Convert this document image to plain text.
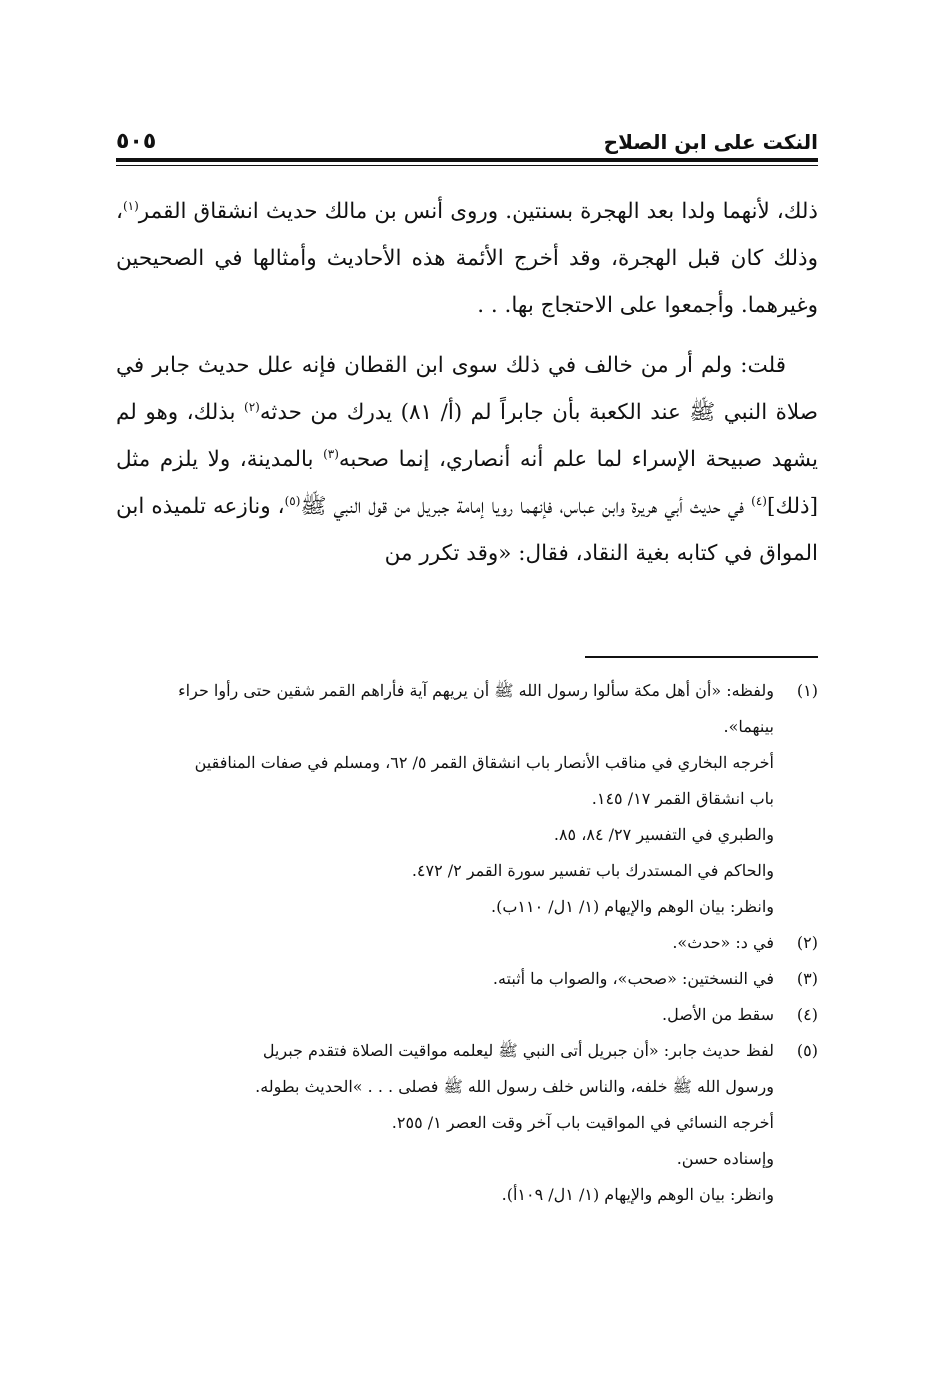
النكت على ابن الصلاح
٥٠٥

ذلك، لأنهما ولدا بعد الهجرة بسنتين. وروى أنس بن مالك حديث انشقاق القمر$^{(١)}$، وذلك كان قبل الهجرة، وقد أخرج الأئمة هذه الأحاديث وأمثالها في الصحيحين وغيرهما. وأجمعوا على الاحتجاج بها. . .

قلت: ولم أر من خالف في ذلك سوى ابن القطان فإنه علل حديث جابر في صلاة النبي ﷺ عند الكعبة بأن جابراً لم (أ/ ٨١) يدرك من حدثه$^{(٢)}$ بذلك، وهو لم يشهد صبيحة الإسراء لما علم أنه أنصاري، إنما صحبه$^{(٣)}$ بالمدينة، ولا يلزم مثل [ذلك]$^{(٤)}$ في حديث أبي هريرة وابن عباس، فإنهما رويا إمامة جبريل من قول النبي ﷺ$^{(٥)}$، ونازعه تلميذه ابن المواق في كتابه بغية النقاد، فقال: «وقد تكرر من

(١)
ولفظه: «أن أهل مكة سألوا رسول الله ﷺ أن يريهم آية فأراهم القمر شقين حتى رأوا حراء
بينهما».
أخرجه البخاري في مناقب الأنصار باب انشقاق القمر ٥/ ٦٢، ومسلم في صفات المنافقين
باب انشقاق القمر ١٧/ ١٤٥.
والطبري في التفسير ٢٧/ ٨٤، ٨٥.
والحاكم في المستدرك باب تفسير سورة القمر ٢/ ٤٧٢.
وانظر: بيان الوهم والإيهام (١/ ١ل/ ١١٠ب).
(٢)
في د: «حدث».
(٣)
في النسختين: «صحب»، والصواب ما أثبته.
(٤)
سقط من الأصل.
(٥)
لفظ حديث جابر: «أن جبريل أتى النبي ﷺ ليعلمه مواقيت الصلاة فتقدم جبريل
ورسول الله ﷺ خلفه، والناس خلف رسول الله ﷺ فصلى . . . »الحديث بطوله.
أخرجه النسائي في المواقيت باب آخر وقت العصر ١/ ٢٥٥.
وإسناده حسن.
وانظر: بيان الوهم والإيهام (١/ ١ل/ ١٠٩أ).
